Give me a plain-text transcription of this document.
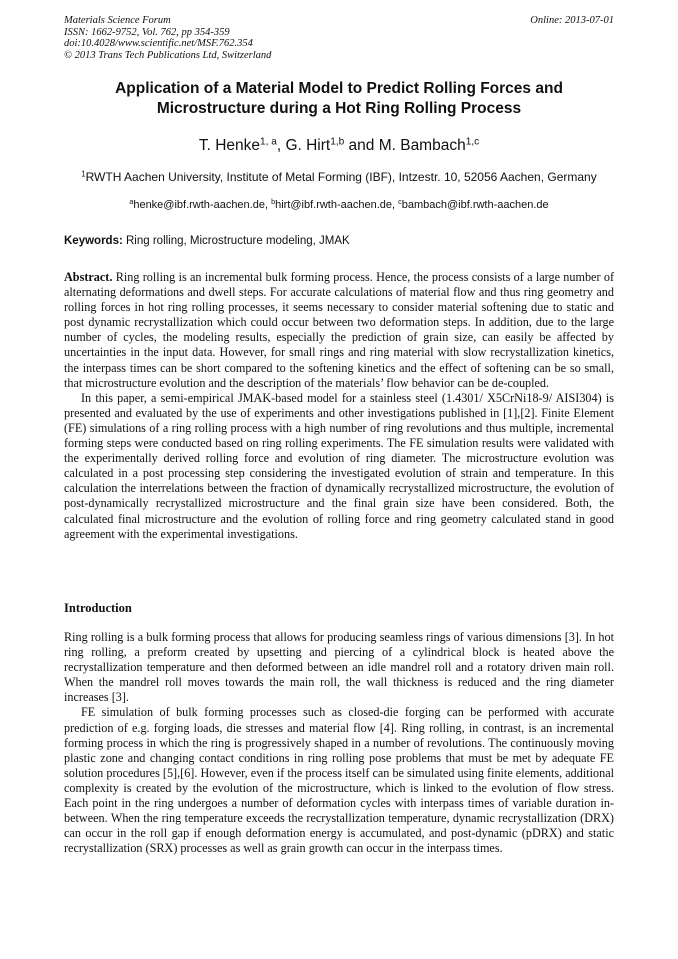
Materials Science Forum
ISSN: 1662-9752, Vol. 762, pp 354-359
doi:10.4028/www.scientific.net/MSF.762.354
© 2013 Trans Tech Publications Ltd, Switzerland
Online: 2013-07-01
Application of a Material Model to Predict Rolling Forces and
Microstructure during a Hot Ring Rolling Process
T. Henke$^{1, a}$, G. Hirt$^{1,b}$ and M. Bambach$^{1,c}$
$^1$RWTH Aachen University, Institute of Metal Forming (IBF), Intzestr. 10, 52056 Aachen, Germany
$^a$henke@ibf.rwth-aachen.de, $^b$hirt@ibf.rwth-aachen.de, $^c$bambach@ibf.rwth-aachen.de
Keywords: Ring rolling, Microstructure modeling, JMAK

Abstract. Ring rolling is an incremental bulk forming process. Hence, the process consists of a large number of alternating deformations and dwell steps. For accurate calculations of material flow and thus ring geometry and rolling forces in hot ring rolling processes, it seems necessary to consider material softening due to static and post dynamic recrystallization which could occur between two deformation steps. In addition, due to the large number of cycles, the modeling results, especially the prediction of grain size, can easily be affected by uncertainties in the input data. However, for small rings and ring material with slow recrystallization kinetics, the interpass times can be short compared to the softening kinetics and the effect of softening can be so small, that microstructure evolution and the description of the materials’ flow behavior can be de-coupled.

In this paper, a semi-empirical JMAK-based model for a stainless steel (1.4301/ X5CrNi18-9/ AISI304) is presented and evaluated by the use of experiments and other investigations published in [1],[2]. Finite Element (FE) simulations of a ring rolling process with a high number of ring revolutions and thus multiple, incremental forming steps were conducted based on ring rolling experiments. The FE simulation results were validated with the experimentally derived rolling force and evolution of ring diameter. The microstructure evolution was calculated in a post processing step considering the investigated evolution of strain and temperature. In this calculation the interrelations between the fraction of dynamically recrystallized microstructure, the evolution of post-dynamically recrystallized microstructure and the final grain size have been considered. Both, the calculated final microstructure and the evolution of rolling force and ring geometry calculated stand in good agreement with the experimental investigations.

Introduction

Ring rolling is a bulk forming process that allows for producing seamless rings of various dimensions [3]. In hot ring rolling, a preform created by upsetting and piercing of a cylindrical block is heated above the recrystallization temperature and then deformed between an idle mandrel roll and a rotatory driven main roll. When the mandrel roll moves towards the main roll, the wall thickness is reduced and the ring diameter increases [3].

FE simulation of bulk forming processes such as closed-die forging can be performed with accurate prediction of e.g. forging loads, die stresses and material flow [4]. Ring rolling, in contrast, is an incremental forming process in which the ring is progressively shaped in a number of revolutions. The continuously moving plastic zone and changing contact conditions in ring rolling pose problems that must be met by adequate FE solution procedures [5],[6]. However, even if the process itself can be simulated using finite elements, additional complexity is created by the evolution of the microstructure, which is linked to the evolution of flow stress. Each point in the ring undergoes a number of deformation cycles with interpass times of variable duration in-between. When the ring temperature exceeds the recrystallization temperature, dynamic recrystallization (DRX) can occur in the roll gap if enough deformation energy is accumulated, and post-dynamic (pDRX) and static recrystallization (SRX) processes as well as grain growth can occur in the interpass times.
